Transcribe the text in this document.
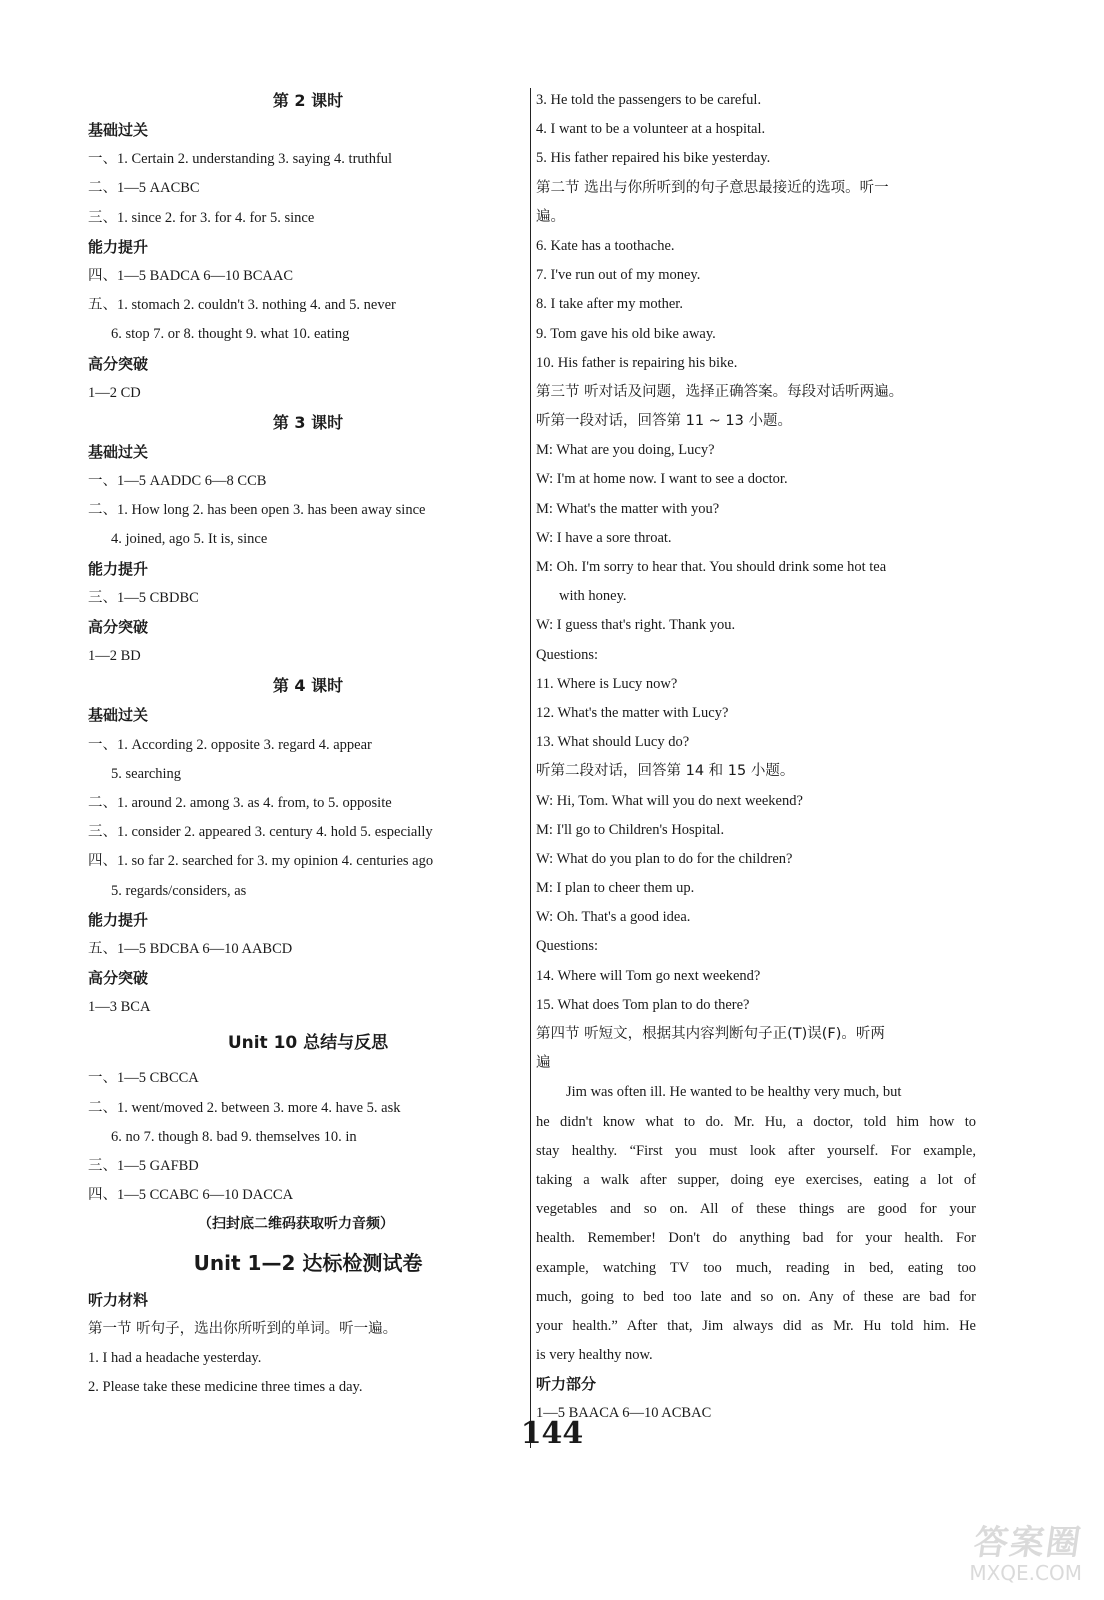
第 2 课时
基础过关
一、1. Certain 2. understanding 3. saying 4. truthful
二、1—5 AACBC
三、1. since 2. for 3. for 4. for 5. since
能力提升
四、1—5 BADCA 6—10 BCAAC
五、1. stomach 2. couldn't 3. nothing 4. and 5. never
6. stop 7. or 8. thought 9. what 10. eating
高分突破
1—2 CD
第 3 课时
基础过关
一、1—5 AADDC 6—8 CCB
二、1. How long 2. has been open 3. has been away since
4. joined, ago 5. It is, since
能力提升
三、1—5 CBDBC
高分突破
1—2 BD
第 4 课时
基础过关
一、1. According 2. opposite 3. regard 4. appear
5. searching
二、1. around 2. among 3. as 4. from, to 5. opposite
三、1. consider 2. appeared 3. century 4. hold 5. especially
四、1. so far 2. searched for 3. my opinion 4. centuries ago
5. regards/considers, as
能力提升
五、1—5 BDCBA 6—10 AABCD
高分突破
1—3 BCA
Unit 10 总结与反思
一、1—5 CBCCA
二、1. went/moved 2. between 3. more 4. have 5. ask
6. no 7. though 8. bad 9. themselves 10. in
三、1—5 GAFBD
四、1—5 CCABC 6—10 DACCA
（扫封底二维码获取听力音频）
Unit 1—2 达标检测试卷
听力材料
第一节 听句子，选出你所听到的单词。听一遍。
1. I had a headache yesterday.
2. Please take these medicine three times a day.
3. He told the passengers to be careful.
4. I want to be a volunteer at a hospital.
5. His father repaired his bike yesterday.
第二节 选出与你所听到的句子意思最接近的选项。听一
遍。
6. Kate has a toothache.
7. I've run out of my money.
8. I take after my mother.
9. Tom gave his old bike away.
10. His father is repairing his bike.
第三节 听对话及问题，选择正确答案。每段对话听两遍。
听第一段对话，回答第 11 ~ 13 小题。
M: What are you doing, Lucy?
W: I'm at home now. I want to see a doctor.
M: What's the matter with you?
W: I have a sore throat.
M: Oh. I'm sorry to hear that. You should drink some hot tea
with honey.
W: I guess that's right. Thank you.
Questions:
11. Where is Lucy now?
12. What's the matter with Lucy?
13. What should Lucy do?
听第二段对话，回答第 14 和 15 小题。
W: Hi, Tom. What will you do next weekend?
M: I'll go to Children's Hospital.
W: What do you plan to do for the children?
M: I plan to cheer them up.
W: Oh. That's a good idea.
Questions:
14. Where will Tom go next weekend?
15. What does Tom plan to do there?
第四节 听短文，根据其内容判断句子正(T)误(F)。听两
遍
Jim was often ill. He wanted to be healthy very much, but
he didn't know what to do. Mr. Hu, a doctor, told him how to
stay healthy. “First you must look after yourself. For example,
taking a walk after supper, doing eye exercises, eating a lot of
vegetables and so on. All of these things are good for your
health. Remember! Don't do anything bad for your health. For
example, watching TV too much, reading in bed, eating too
much, going to bed too late and so on. Any of these are bad for
your health.” After that, Jim always did as Mr. Hu told him. He
is very healthy now.
听力部分
1—5 BAACA 6—10 ACBAC
144
答案圈
MXQE.COM
